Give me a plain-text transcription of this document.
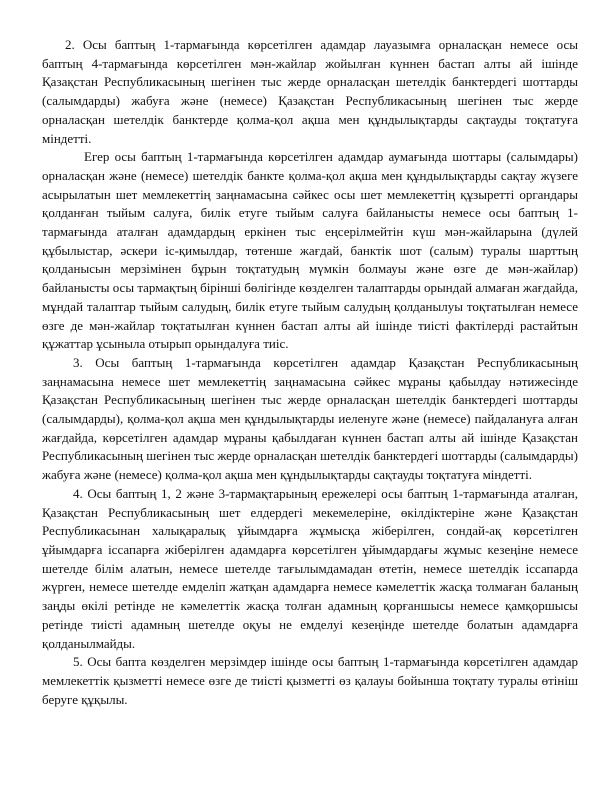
2. Осы баптың 1-тармағында көрсетілген адамдар лауазымға орналасқан немесе осы баптың 4-тармағында көрсетілген мән-жайлар жойылған күннен бастап алты ай ішінде Қазақстан Республикасының шегінен тыс жерде орналасқан шетелдік банктердегі шоттарды (салымдарды) жабуға және (немесе) Қазақстан Республикасының шегінен тыс жерде орналасқан шетелдік банктерде қолма-қол ақша мен құндылықтарды сақтауды тоқтатуға міндетті.

Егер осы баптың 1-тармағында көрсетілген адамдар аумағында шоттары (салымдары) орналасқан және (немесе) шетелдік банкте қолма-қол ақша мен құндылықтарды сақтау жүзеге асырылатын шет мемлекеттің заңнамасына сәйкес осы шет мемлекеттің құзыретті органдары қолданған тыйым салуға, билік етуге тыйым салуға байланысты немесе осы баптың 1-тармағында аталған адамдардың еркінен тыс еңсерілмейтін күш мән-жайларына (дүлей құбылыстар, әскери іс-қимылдар, төтенше жағдай, банктік шот (салым) туралы шарттың қолданысын мерзімінен бұрын тоқтатудың мүмкін болмауы және өзге де мән-жайлар) байланысты осы тармақтың бірінші бөлігінде көзделген талаптарды орындай алмаған жағдайда, мұндай талаптар тыйым салудың, билік етуге тыйым салудың қолданылуы тоқтатылған немесе өзге де мән-жайлар тоқтатылған күннен бастап алты ай ішінде тиісті фактілерді растайтын құжаттар ұсыныла отырып орындалуға тиіс.

3. Осы баптың 1-тармағында көрсетілген адамдар Қазақстан Республикасының заңнамасына немесе шет мемлекеттің заңнамасына сәйкес мұраны қабылдау нәтижесінде Қазақстан Республикасының шегінен тыс жерде орналасқан шетелдік банктердегі шоттарды (салымдарды), қолма-қол ақша мен құндылықтарды иеленуге және (немесе) пайдалануға алған жағдайда, көрсетілген адамдар мұраны қабылдаған күннен бастап алты ай ішінде Қазақстан Республикасының шегінен тыс жерде орналасқан шетелдік банктердегі шоттарды (салымдарды) жабуға және (немесе) қолма-қол ақша мен құндылықтарды сақтауды тоқтатуға міндетті.

4. Осы баптың 1, 2 және 3-тармақтарының ережелері осы баптың 1-тармағында аталған, Қазақстан Республикасының шет елдердегі мекемелеріне, өкілдіктеріне және Қазақстан Республикасынан халықаралық ұйымдарға жұмысқа жіберілген, сондай-ақ көрсетілген ұйымдарға іссапарға жіберілген адамдарға көрсетілген ұйымдардағы жұмыс кезеңіне немесе шетелде білім алатын, немесе шетелде тағылымдамадан өтетін, немесе шетелдік іссапарда жүрген, немесе шетелде емделіп жатқан адамдарға немесе кәмелеттік жасқа толмаған баланың заңды өкілі ретінде не кәмелеттік жасқа толған адамның қорғаншысы немесе қамқоршысы ретінде тиісті адамның шетелде оқуы не емделуі кезеңінде шетелде болатын адамдарға қолданылмайды.

5. Осы бапта көзделген мерзімдер ішінде осы баптың 1-тармағында көрсетілген адамдар мемлекеттік қызметті немесе өзге де тиісті қызметті өз қалауы бойынша тоқтату туралы өтініш беруге құқылы.
